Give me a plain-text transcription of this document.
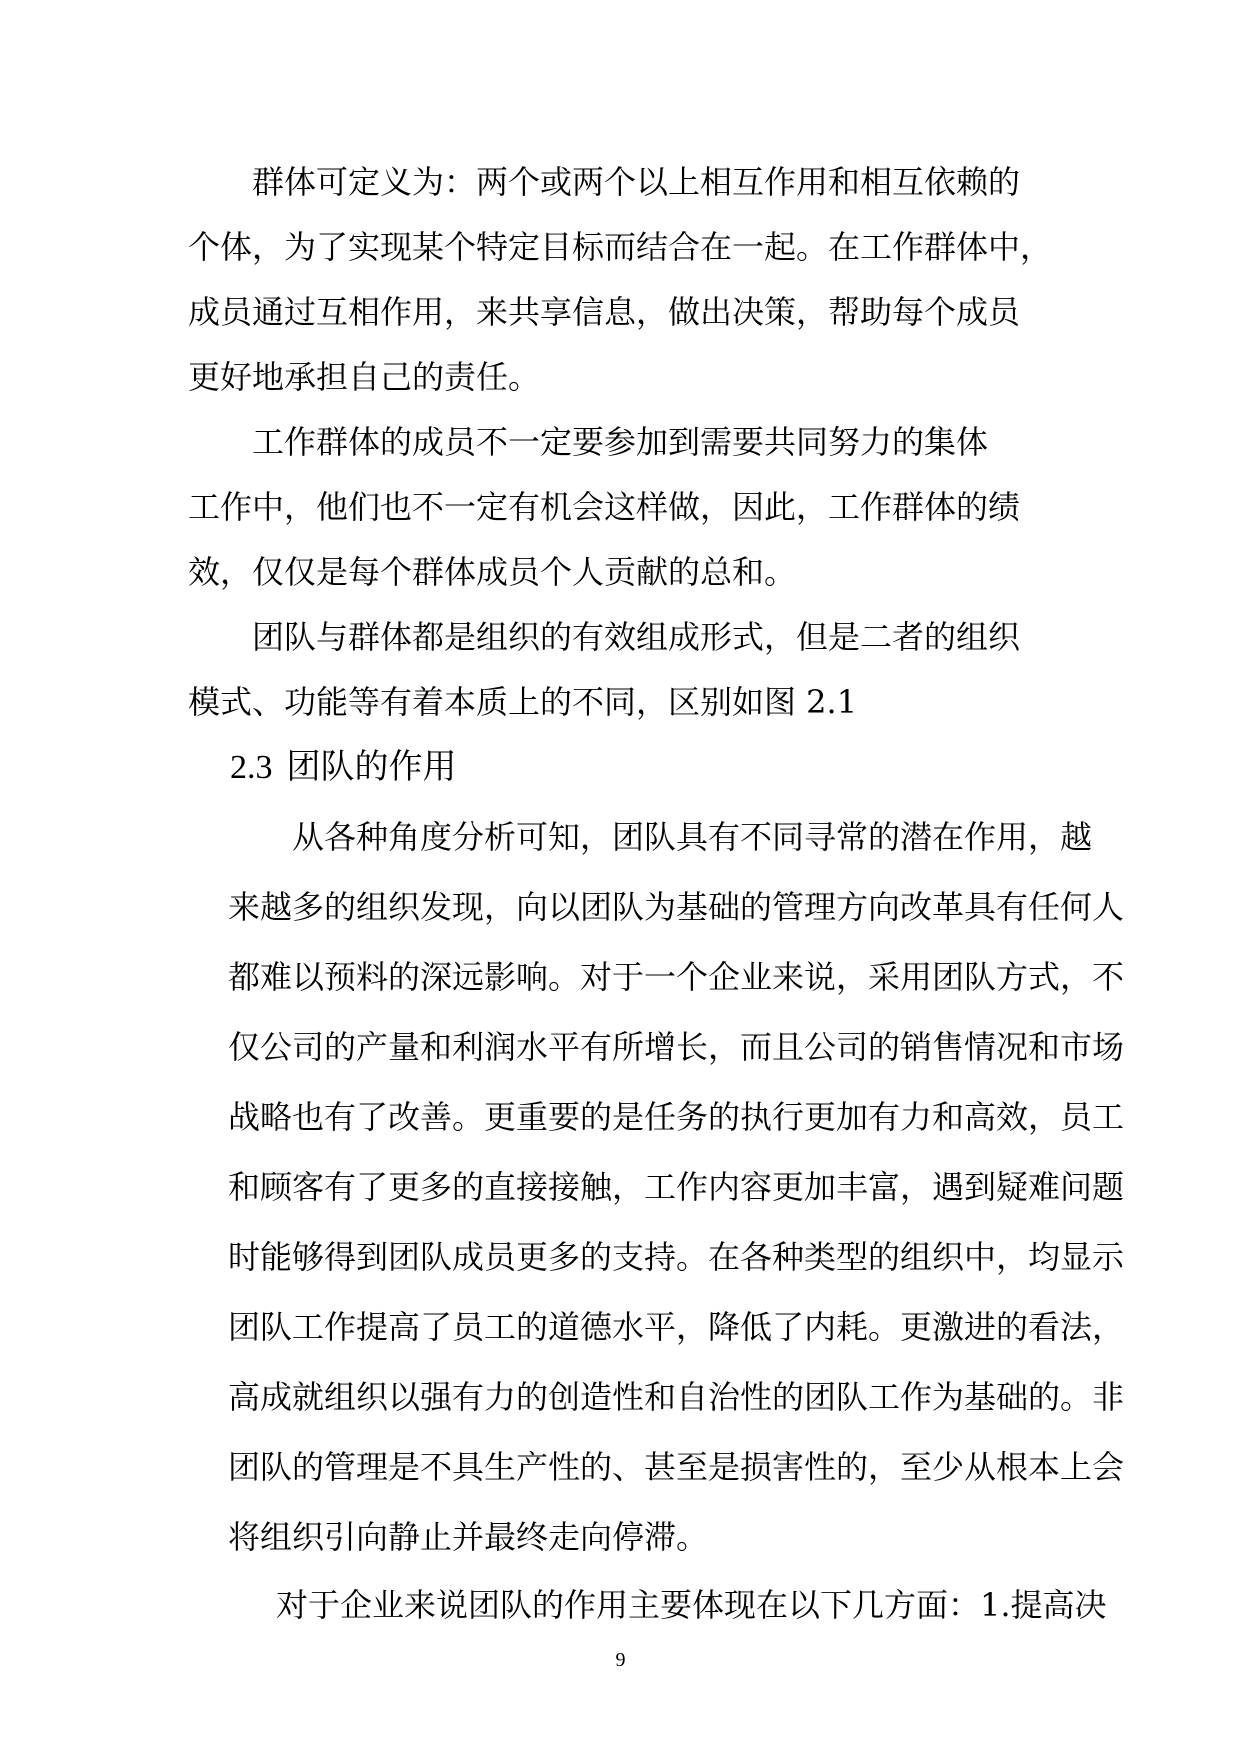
群体可定义为：两个或两个以上相互作用和相互依赖的
个体，为了实现某个特定目标而结合在一起。在工作群体中，
成员通过互相作用，来共享信息，做出决策，帮助每个成员
更好地承担自己的责任。
工作群体的成员不一定要参加到需要共同努力的集体
工作中，他们也不一定有机会这样做，因此，工作群体的绩
效，仅仅是每个群体成员个人贡献的总和。
团队与群体都是组织的有效组成形式，但是二者的组织
模式、功能等有着本质上的不同，区别如图 2.1
2.3 团队的作用
从各种角度分析可知，团队具有不同寻常的潜在作用，越
来越多的组织发现，向以团队为基础的管理方向改革具有任何人
都难以预料的深远影响。对于一个企业来说，采用团队方式，不
仅公司的产量和利润水平有所增长，而且公司的销售情况和市场
战略也有了改善。更重要的是任务的执行更加有力和高效，员工
和顾客有了更多的直接接触，工作内容更加丰富，遇到疑难问题
时能够得到团队成员更多的支持。在各种类型的组织中，均显示
团队工作提高了员工的道德水平，降低了内耗。更激进的看法，
高成就组织以强有力的创造性和自治性的团队工作为基础的。非
团队的管理是不具生产性的、甚至是损害性的，至少从根本上会
将组织引向静止并最终走向停滞。
对于企业来说团队的作用主要体现在以下几方面：1.提高决
9
